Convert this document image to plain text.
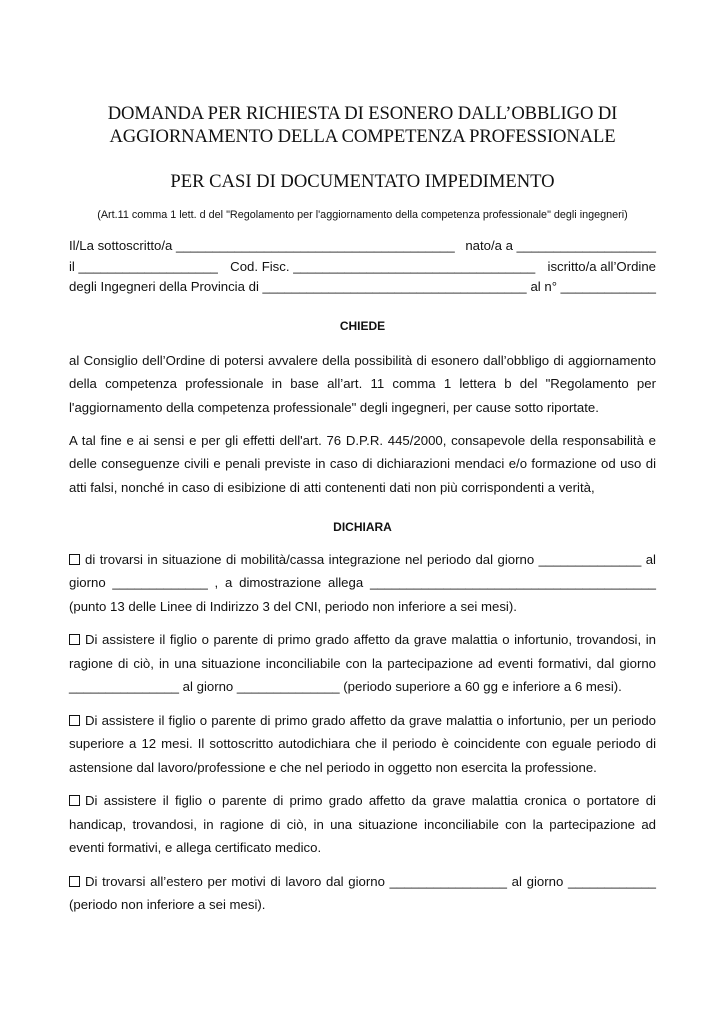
DOMANDA PER RICHIESTA DI ESONERO DALL’OBBLIGO DI
AGGIORNAMENTO DELLA COMPETENZA PROFESSIONALE
PER CASI DI DOCUMENTATO IMPEDIMENTO

(Art.11 comma 1 lett. d del "Regolamento per l'aggiornamento della competenza professionale" degli ingegneri)

Il/La sottoscritto/a ______________________________________ nato/a a ___________________
il ___________________ Cod. Fisc. _________________________________ iscritto/a all’Ordine
degli Ingegneri della Provincia di ____________________________________ al n° _____________

CHIEDE

al Consiglio dell’Ordine di potersi avvalere della possibilità di esonero dall’obbligo di aggiornamento della competenza professionale in base all’art. 11 comma 1 lettera b del "Regolamento per l'aggiornamento della competenza professionale" degli ingegneri, per cause sotto riportate.

A tal fine e ai sensi e per gli effetti dell'art. 76 D.P.R. 445/2000, consapevole della responsabilità e delle conseguenze civili e penali previste in caso di dichiarazioni mendaci e/o formazione od uso di atti falsi, nonché in caso di esibizione di atti contenenti dati non più corrispondenti a verità,

DICHIARA

di trovarsi in situazione di mobilità/cassa integrazione nel periodo dal giorno ______________ al giorno _____________ , a dimostrazione allega _______________________________________ (punto 13 delle Linee di Indirizzo 3 del CNI, periodo non inferiore a sei mesi).

Di assistere il figlio o parente di primo grado affetto da grave malattia o infortunio, trovandosi, in ragione di ciò, in una situazione inconciliabile con la partecipazione ad eventi formativi, dal giorno _______________ al giorno ______________ (periodo superiore a 60 gg e inferiore a 6 mesi).

Di assistere il figlio o parente di primo grado affetto da grave malattia o infortunio, per un periodo superiore a 12 mesi. Il sottoscritto autodichiara che il periodo è coincidente con eguale periodo di astensione dal lavoro/professione e che nel periodo in oggetto non esercita la professione.

Di assistere il figlio o parente di primo grado affetto da grave malattia cronica o portatore di handicap, trovandosi, in ragione di ciò, in una situazione inconciliabile con la partecipazione ad eventi formativi, e allega certificato medico.

Di trovarsi all’estero per motivi di lavoro dal giorno ________________ al giorno ____________ (periodo non inferiore a sei mesi).
